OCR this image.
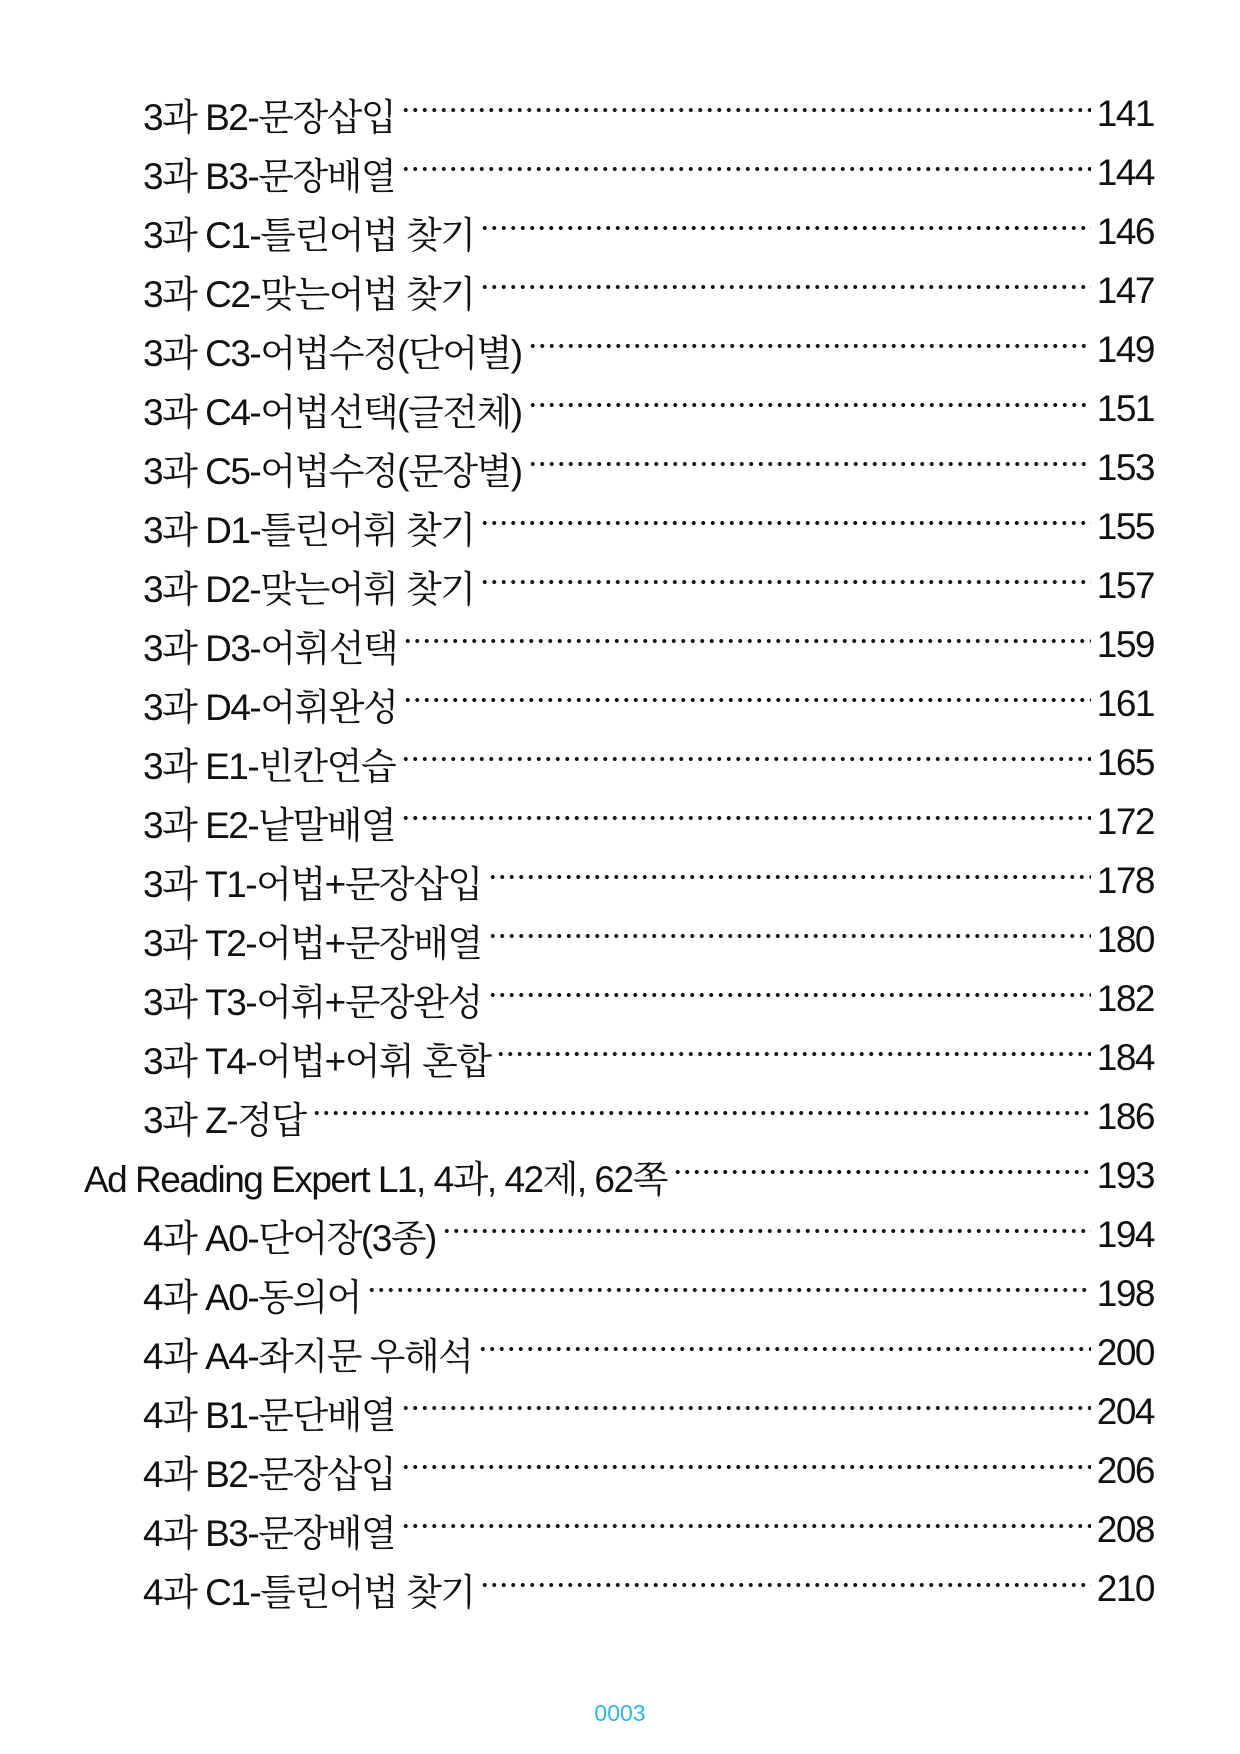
3과 B2-문장삽입	141
3과 B3-문장배열	144
3과 C1-틀린어법 찾기	146
3과 C2-맞는어법 찾기	147
3과 C3-어법수정(단어별)	149
3과 C4-어법선택(글전체)	151
3과 C5-어법수정(문장별)	153
3과 D1-틀린어휘 찾기	155
3과 D2-맞는어휘 찾기	157
3과 D3-어휘선택	159
3과 D4-어휘완성	161
3과 E1-빈칸연습	165
3과 E2-낱말배열	172
3과 T1-어법+문장삽입	178
3과 T2-어법+문장배열	180
3과 T3-어휘+문장완성	182
3과 T4-어법+어휘 혼합	184
3과 Z-정답	186
Ad Reading Expert L1, 4과, 42제, 62쪽	193
4과 A0-단어장(3종)	194
4과 A0-동의어	198
4과 A4-좌지문 우해석	200
4과 B1-문단배열	204
4과 B2-문장삽입	206
4과 B3-문장배열	208
4과 C1-틀린어법 찾기	210
0003
